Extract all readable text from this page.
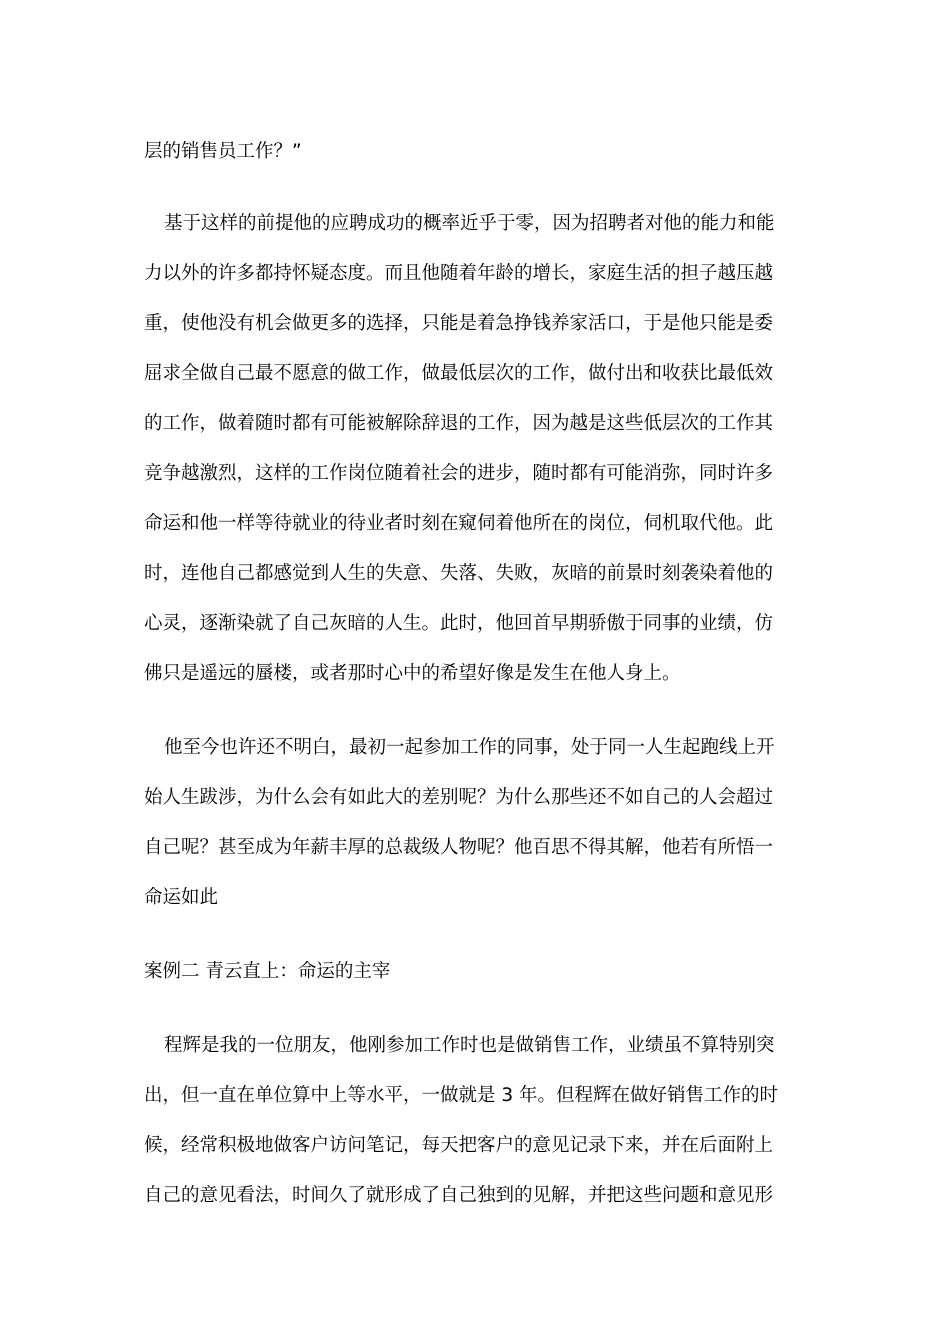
层的销售员工作？”
基于这样的前提他的应聘成功的概率近乎于零，因为招聘者对他的能力和能
力以外的许多都持怀疑态度。而且他随着年龄的增长，家庭生活的担子越压越
重，使他没有机会做更多的选择，只能是着急挣钱养家活口，于是他只能是委
屈求全做自己最不愿意的做工作，做最低层次的工作，做付出和收获比最低效
的工作，做着随时都有可能被解除辞退的工作，因为越是这些低层次的工作其
竞争越激烈，这样的工作岗位随着社会的进步，随时都有可能消弥，同时许多
命运和他一样等待就业的待业者时刻在窥伺着他所在的岗位，伺机取代他。此
时，连他自己都感觉到人生的失意、失落、失败，灰暗的前景时刻袭染着他的
心灵，逐渐染就了自己灰暗的人生。此时，他回首早期骄傲于同事的业绩，仿
佛只是遥远的蜃楼，或者那时心中的希望好像是发生在他人身上。
他至今也许还不明白，最初一起参加工作的同事，处于同一人生起跑线上开
始人生跋涉，为什么会有如此大的差别呢？为什么那些还不如自己的人会超过
自己呢？甚至成为年薪丰厚的总裁级人物呢？他百思不得其解，他若有所悟一
命运如此
案例二 青云直上：命运的主宰
程辉是我的一位朋友，他刚参加工作时也是做销售工作，业绩虽不算特别突
出，但一直在单位算中上等水平，一做就是 3 年。但程辉在做好销售工作的时
候，经常积极地做客户访问笔记，每天把客户的意见记录下来，并在后面附上
自己的意见看法，时间久了就形成了自己独到的见解，并把这些问题和意见形
